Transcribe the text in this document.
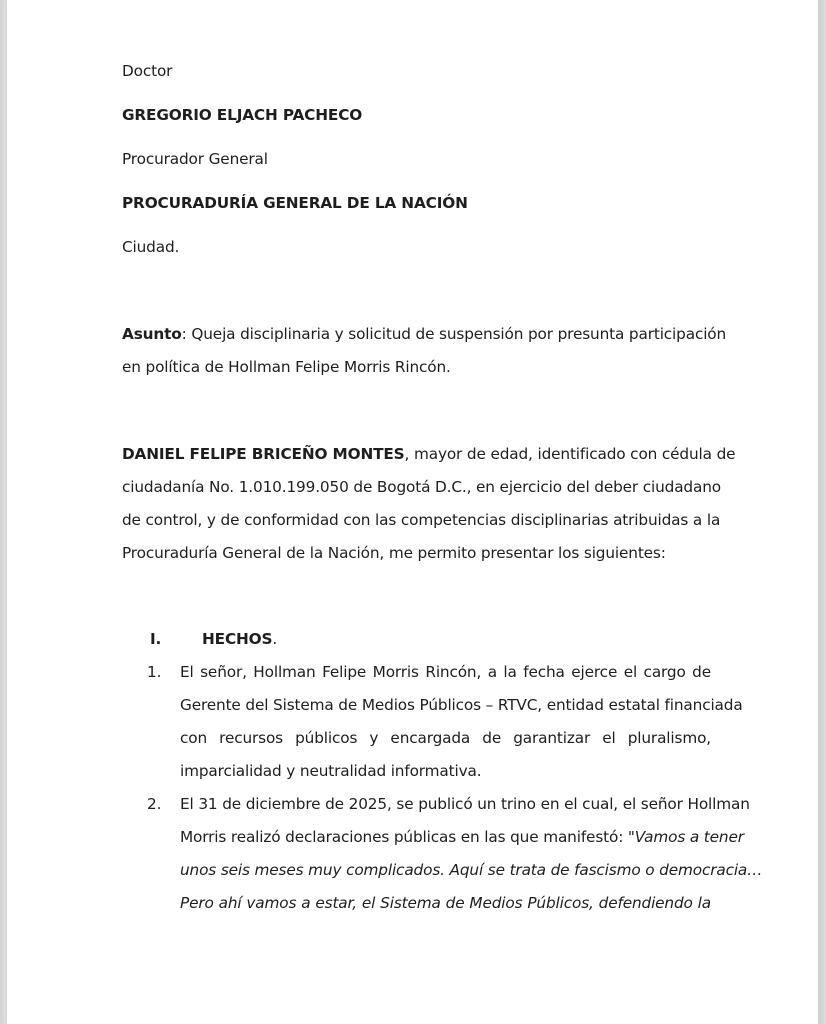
Doctor
GREGORIO ELJACH PACHECO
Procurador General
PROCURADURÍA GENERAL DE LA NACIÓN
Ciudad.
Asunto: Queja disciplinaria y solicitud de suspensión por presunta participación
en política de Hollman Felipe Morris Rincón.
DANIEL FELIPE BRICEÑO MONTES, mayor de edad, identificado con cédula de
ciudadanía No. 1.010.199.050 de Bogotá D.C., en ejercicio del deber ciudadano
de control, y de conformidad con las competencias disciplinarias atribuidas a la
Procuraduría General de la Nación, me permito presentar los siguientes:
I.	HECHOS.
1. El señor, Hollman Felipe Morris Rincón, a la fecha ejerce el cargo de
Gerente del Sistema de Medios Públicos – RTVC, entidad estatal financiada
con recursos públicos y encargada de garantizar el pluralismo,
imparcialidad y neutralidad informativa.
2. El 31 de diciembre de 2025, se publicó un trino en el cual, el señor Hollman
Morris realizó declaraciones públicas en las que manifestó: "Vamos a tener
unos seis meses muy complicados. Aquí se trata de fascismo o democracia…
Pero ahí vamos a estar, el Sistema de Medios Públicos, defendiendo la
